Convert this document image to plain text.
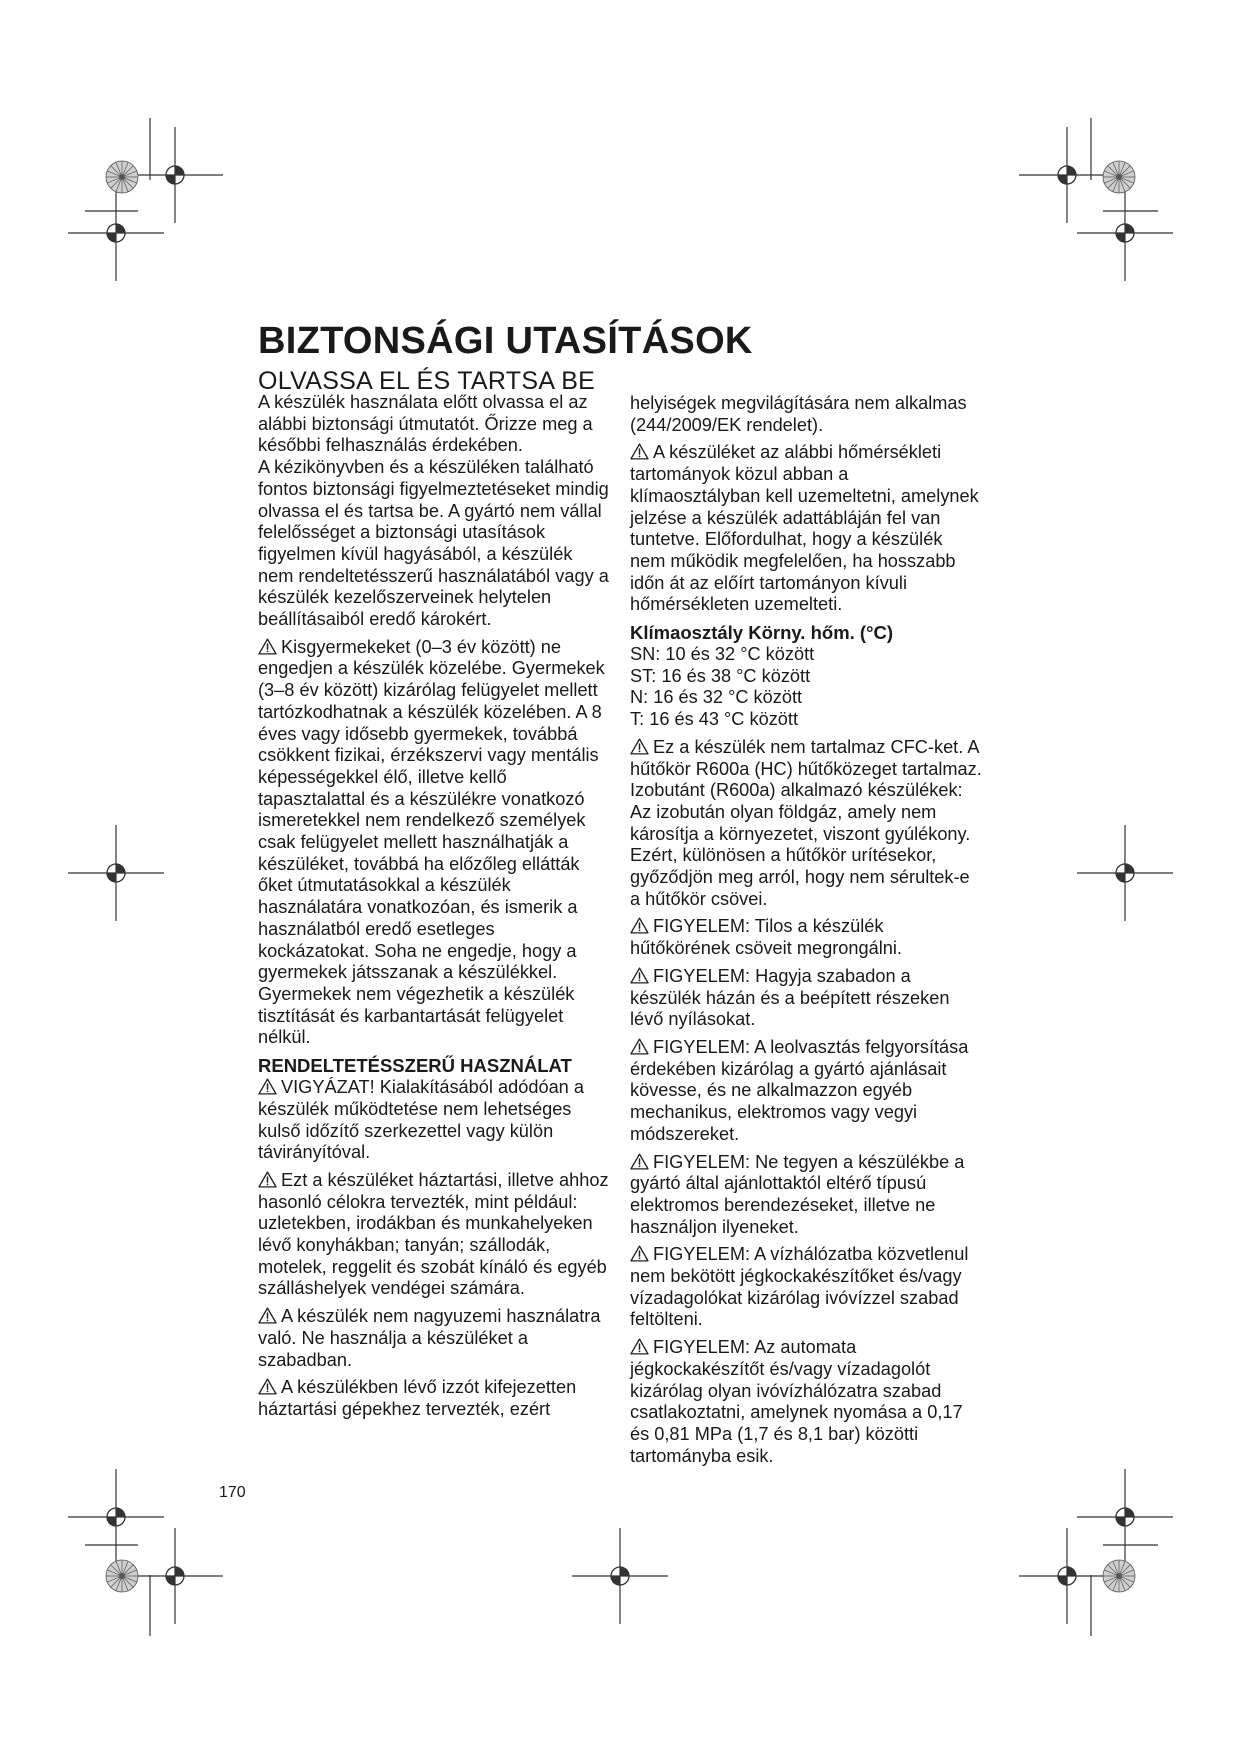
BIZTONSÁGI UTASÍTÁSOK
OLVASSA EL ÉS TARTSA BE

A készülék használata előtt olvassa el az alábbi biztonsági útmutatót. Őrizze meg a későbbi felhasználás érdekében.

A kézikönyvben és a készüléken található fontos biztonsági figyelmeztetéseket mindig olvassa el és tartsa be. A gyártó nem vállal felelősséget a biztonsági utasítások figyelmen kívül hagyásából, a készülék nem rendeltetésszerű használatából vagy a készülék kezelőszerveinek helytelen beállításaiból eredő károkért.

Kisgyermekeket (0–3 év között) ne engedjen a készülék közelébe. Gyermekek (3–8 év között) kizárólag felügyelet mellett tartózkodhatnak a készülék közelében. A 8 éves vagy idősebb gyermekek, továbbá csökkent fizikai, érzékszervi vagy mentális képességekkel élő, illetve kellő tapasztalattal és a készülékre vonatkozó ismeretekkel nem rendelkező személyek csak felügyelet mellett használhatják a készüléket, továbbá ha előzőleg ellátták őket útmutatásokkal a készülék használatára vonatkozóan, és ismerik a használatból eredő esetleges kockázatokat. Soha ne engedje, hogy a gyermekek játsszanak a készülékkel. Gyermekek nem végezhetik a készülék tisztítását és karbantartását felügyelet nélkül.

RENDELTETÉSSZERŰ HASZNÁLAT

VIGYÁZAT! Kialakításából adódóan a készülék működtetése nem lehetséges kulső időzítő szerkezettel vagy külön távirányítóval.

Ezt a készüléket háztartási, illetve ahhoz hasonló célokra tervezték, mint például: uzletekben, irodákban és munkahelyeken lévő konyhákban; tanyán; szállodák, motelek, reggelit és szobát kínáló és egyéb szálláshelyek vendégei számára.

A készülék nem nagyuzemi használatra való. Ne használja a készüléket a szabadban.

A készülékben lévő izzót kifejezetten háztartási gépekhez tervezték, ezért

helyiségek megvilágítására nem alkalmas (244/2009/EK rendelet).

A készüléket az alábbi hőmérsékleti tartományok közul abban a klímaosztályban kell uzemeltetni, amelynek jelzése a készülék adattábláján fel van tuntetve. Előfordulhat, hogy a készülék nem működik megfelelően, ha hosszabb időn át az előírt tartományon kívuli hőmérsékleten uzemelteti.

Klímaosztály Körny. hőm. (°C)

SN: 10 és 32 °C között
ST: 16 és 38 °C között
N: 16 és 32 °C között
T: 16 és 43 °C között

Ez a készülék nem tartalmaz CFC-ket. A hűtőkör R600a (HC) hűtőközeget tartalmaz. Izobutánt (R600a) alkalmazó készülékek: Az izobután olyan földgáz, amely nem károsítja a környezetet, viszont gyúlékony. Ezért, különösen a hűtőkör urítésekor, győződjön meg arról, hogy nem sérultek-e a hűtőkör csövei.

FIGYELEM: Tilos a készülék hűtőkörének csöveit megrongálni.

FIGYELEM: Hagyja szabadon a készülék házán és a beépített részeken lévő nyílásokat.

FIGYELEM: A leolvasztás felgyorsítása érdekében kizárólag a gyártó ajánlásait kövesse, és ne alkalmazzon egyéb mechanikus, elektromos vagy vegyi módszereket.

FIGYELEM: Ne tegyen a készülékbe a gyártó által ajánlottaktól eltérő típusú elektromos berendezéseket, illetve ne használjon ilyeneket.

FIGYELEM: A vízhálózatba közvetlenul nem bekötött jégkockakészítőket és/vagy vízadagolókat kizárólag ivóvízzel szabad feltölteni.

FIGYELEM: Az automata jégkockakészítőt és/vagy vízadagolót kizárólag olyan ivóvízhálózatra szabad csatlakoztatni, amelynek nyomása a 0,17 és 0,81 MPa (1,7 és 8,1 bar) közötti tartományba esik.

170
